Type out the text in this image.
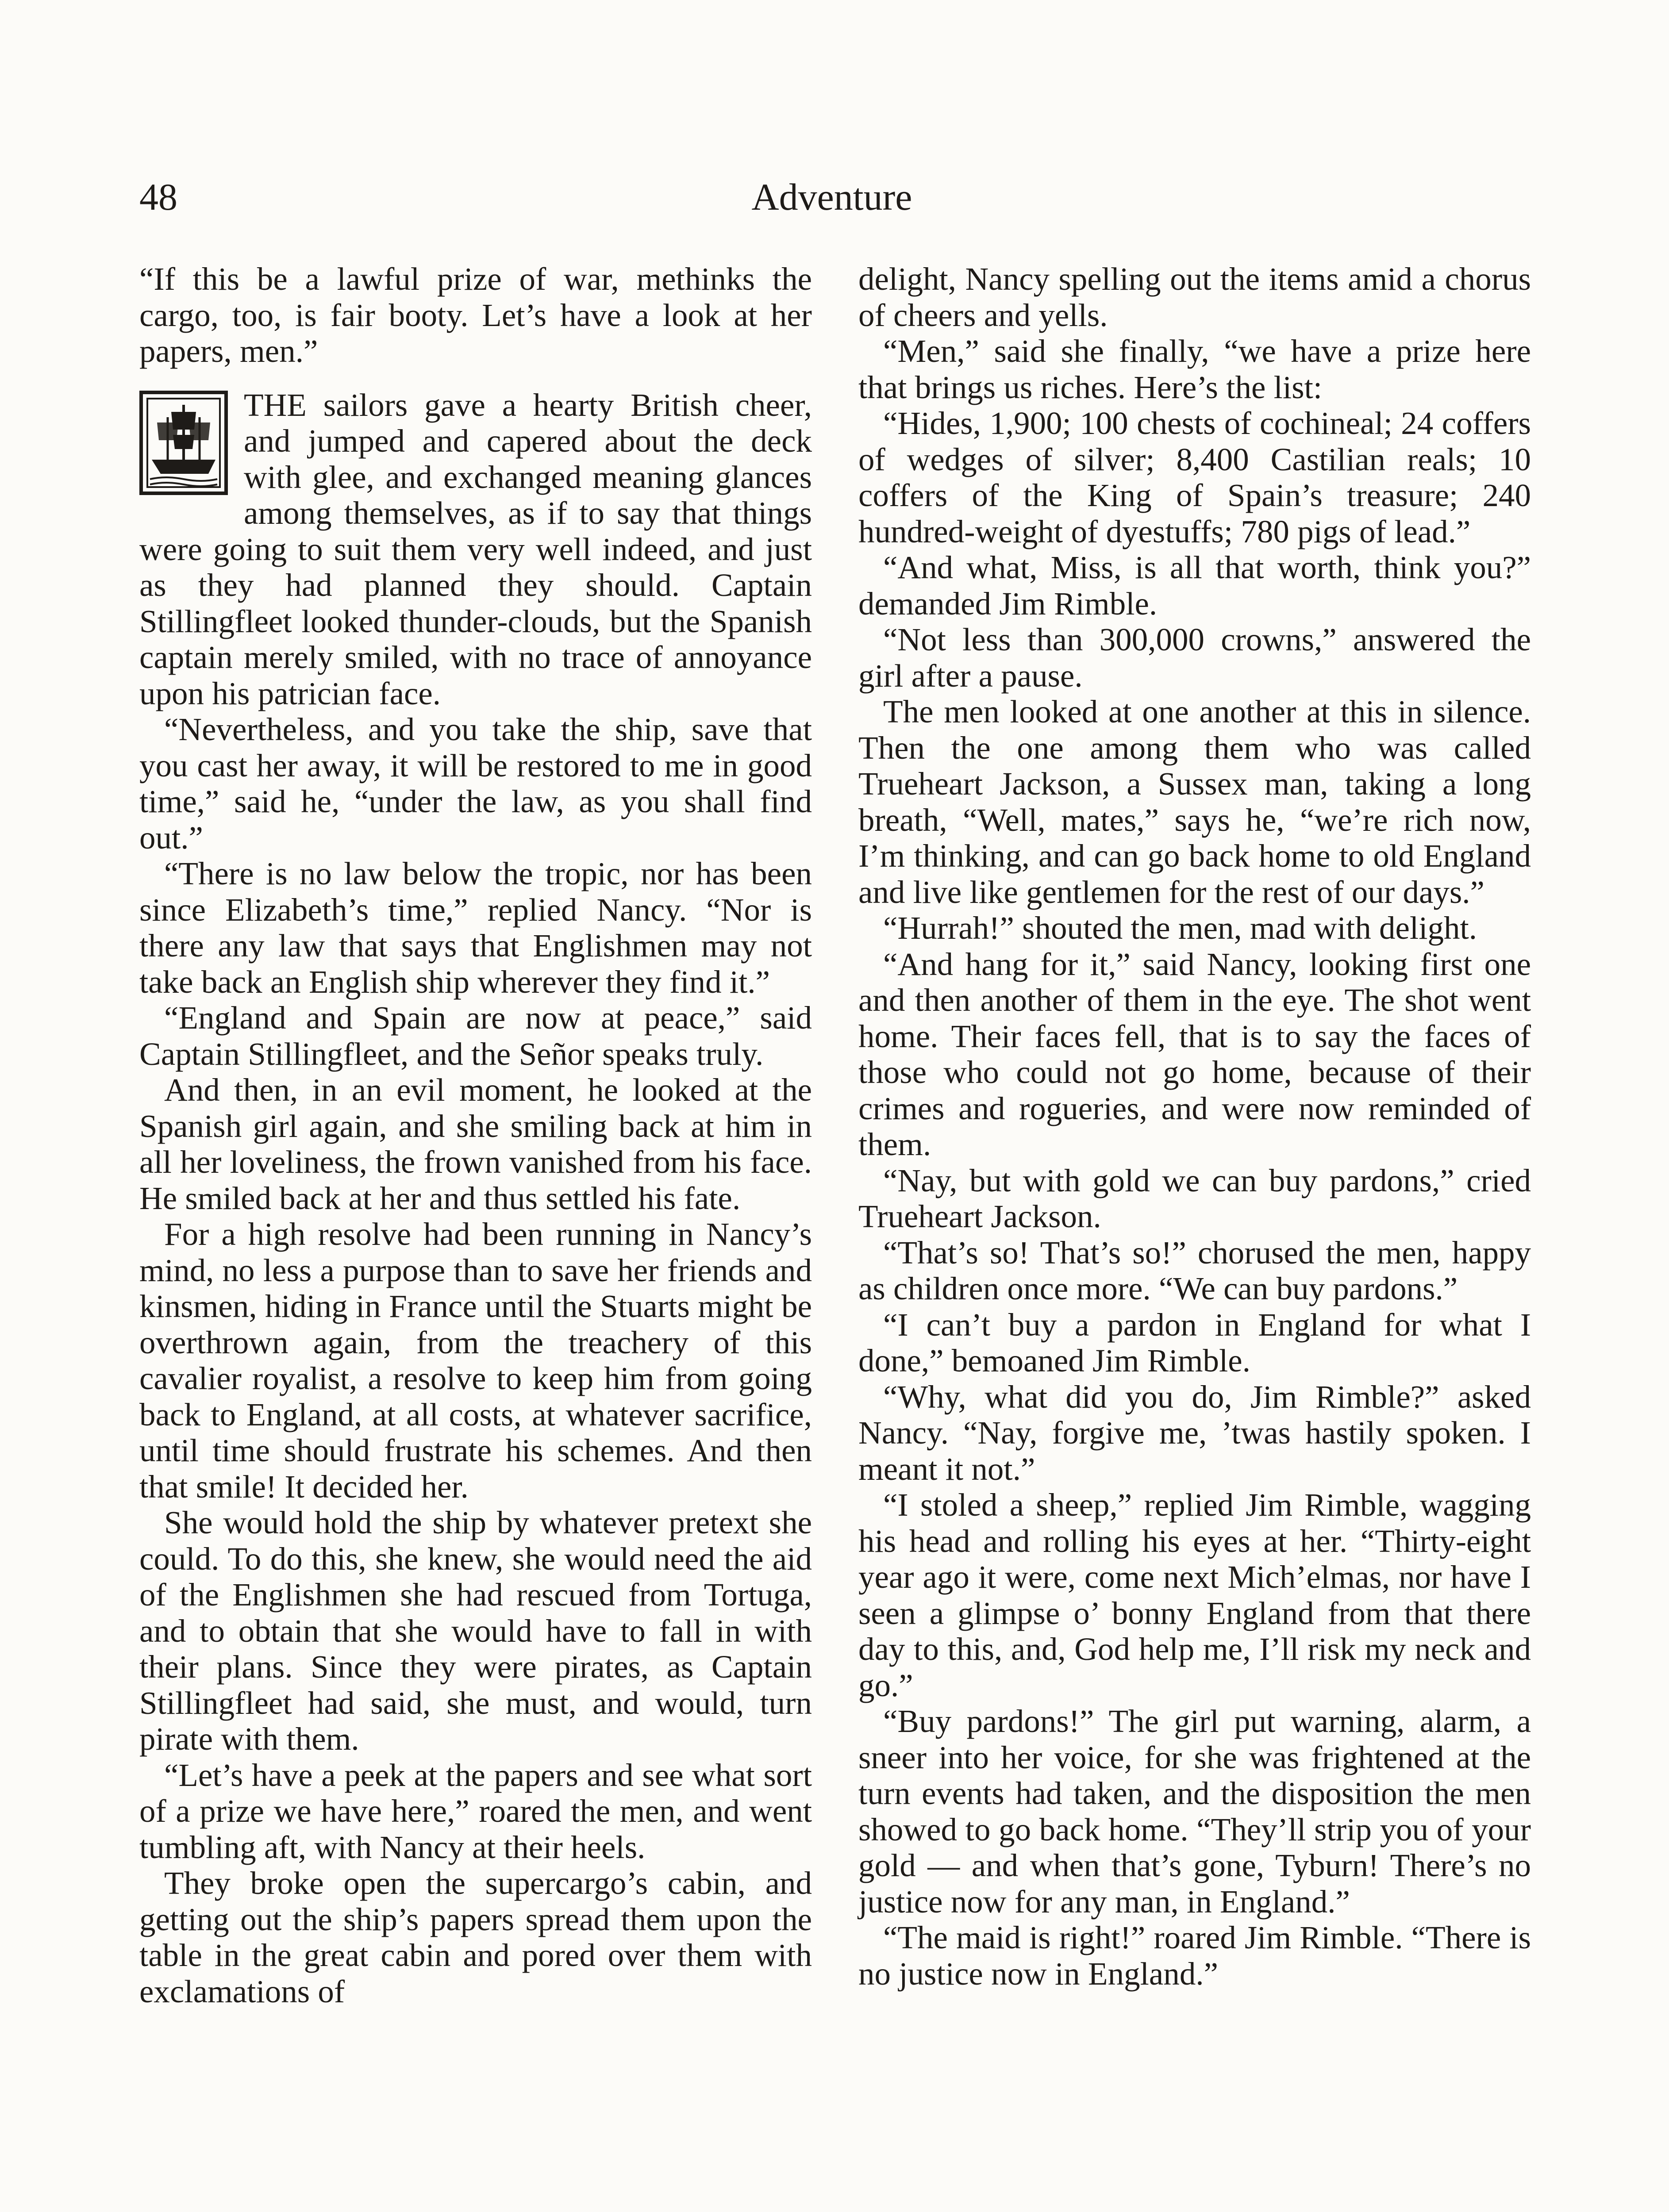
48	Adventure

“If this be a lawful prize of war, methinks the cargo, too, is fair booty. Let’s have a look at her papers, men.”

THE sailors gave a hearty British cheer, and jumped and capered about the deck with glee, and exchanged meaning glances among themselves, as if to say that things were going to suit them very well indeed, and just as they had planned they should. Captain Stillingfleet looked thunder-clouds, but the Spanish captain merely smiled, with no trace of annoyance upon his patrician face.

“Nevertheless, and you take the ship, save that you cast her away, it will be restored to me in good time,” said he, “under the law, as you shall find out.”

“There is no law below the tropic, nor has been since Elizabeth’s time,” replied Nancy. “Nor is there any law that says that Englishmen may not take back an English ship wherever they find it.”

“England and Spain are now at peace,” said Captain Stillingfleet, and the Señor speaks truly.

And then, in an evil moment, he looked at the Spanish girl again, and she smiling back at him in all her loveliness, the frown vanished from his face. He smiled back at her and thus settled his fate.

For a high resolve had been running in Nancy’s mind, no less a purpose than to save her friends and kinsmen, hiding in France until the Stuarts might be overthrown again, from the treachery of this cavalier royalist, a resolve to keep him from going back to England, at all costs, at whatever sacrifice, until time should frustrate his schemes. And then that smile! It decided her.

She would hold the ship by whatever pretext she could. To do this, she knew, she would need the aid of the Englishmen she had rescued from Tortuga, and to obtain that she would have to fall in with their plans. Since they were pirates, as Captain Stillingfleet had said, she must, and would, turn pirate with them.

“Let’s have a peek at the papers and see what sort of a prize we have here,” roared the men, and went tumbling aft, with Nancy at their heels.

They broke open the supercargo’s cabin, and getting out the ship’s papers spread them upon the table in the great cabin and pored over them with exclamations of

delight, Nancy spelling out the items amid a chorus of cheers and yells.

“Men,” said she finally, “we have a prize here that brings us riches. Here’s the list:

“Hides, 1,900; 100 chests of cochineal; 24 coffers of wedges of silver; 8,400 Castilian reals; 10 coffers of the King of Spain’s treasure; 240 hundred-weight of dyestuffs; 780 pigs of lead.”

“And what, Miss, is all that worth, think you?” demanded Jim Rimble.

“Not less than 300,000 crowns,” answered the girl after a pause.

The men looked at one another at this in silence. Then the one among them who was called Trueheart Jackson, a Sussex man, taking a long breath, “Well, mates,” says he, “we’re rich now, I’m thinking, and can go back home to old England and live like gentlemen for the rest of our days.”

“Hurrah!” shouted the men, mad with delight.

“And hang for it,” said Nancy, looking first one and then another of them in the eye. The shot went home. Their faces fell, that is to say the faces of those who could not go home, because of their crimes and rogueries, and were now reminded of them.

“Nay, but with gold we can buy pardons,” cried Trueheart Jackson.

“That’s so! That’s so!” chorused the men, happy as children once more. “We can buy pardons.”

“I can’t buy a pardon in England for what I done,” bemoaned Jim Rimble.

“Why, what did you do, Jim Rimble?” asked Nancy. “Nay, forgive me, ’twas hastily spoken. I meant it not.”

“I stoled a sheep,” replied Jim Rimble, wagging his head and rolling his eyes at her. “Thirty-eight year ago it were, come next Mich’elmas, nor have I seen a glimpse o’ bonny England from that there day to this, and, God help me, I’ll risk my neck and go.”

“Buy pardons!” The girl put warning, alarm, a sneer into her voice, for she was frightened at the turn events had taken, and the disposition the men showed to go back home. “They’ll strip you of your gold — and when that’s gone, Tyburn! There’s no justice now for any man, in England.”

“The maid is right!” roared Jim Rimble. “There is no justice now in England.”
